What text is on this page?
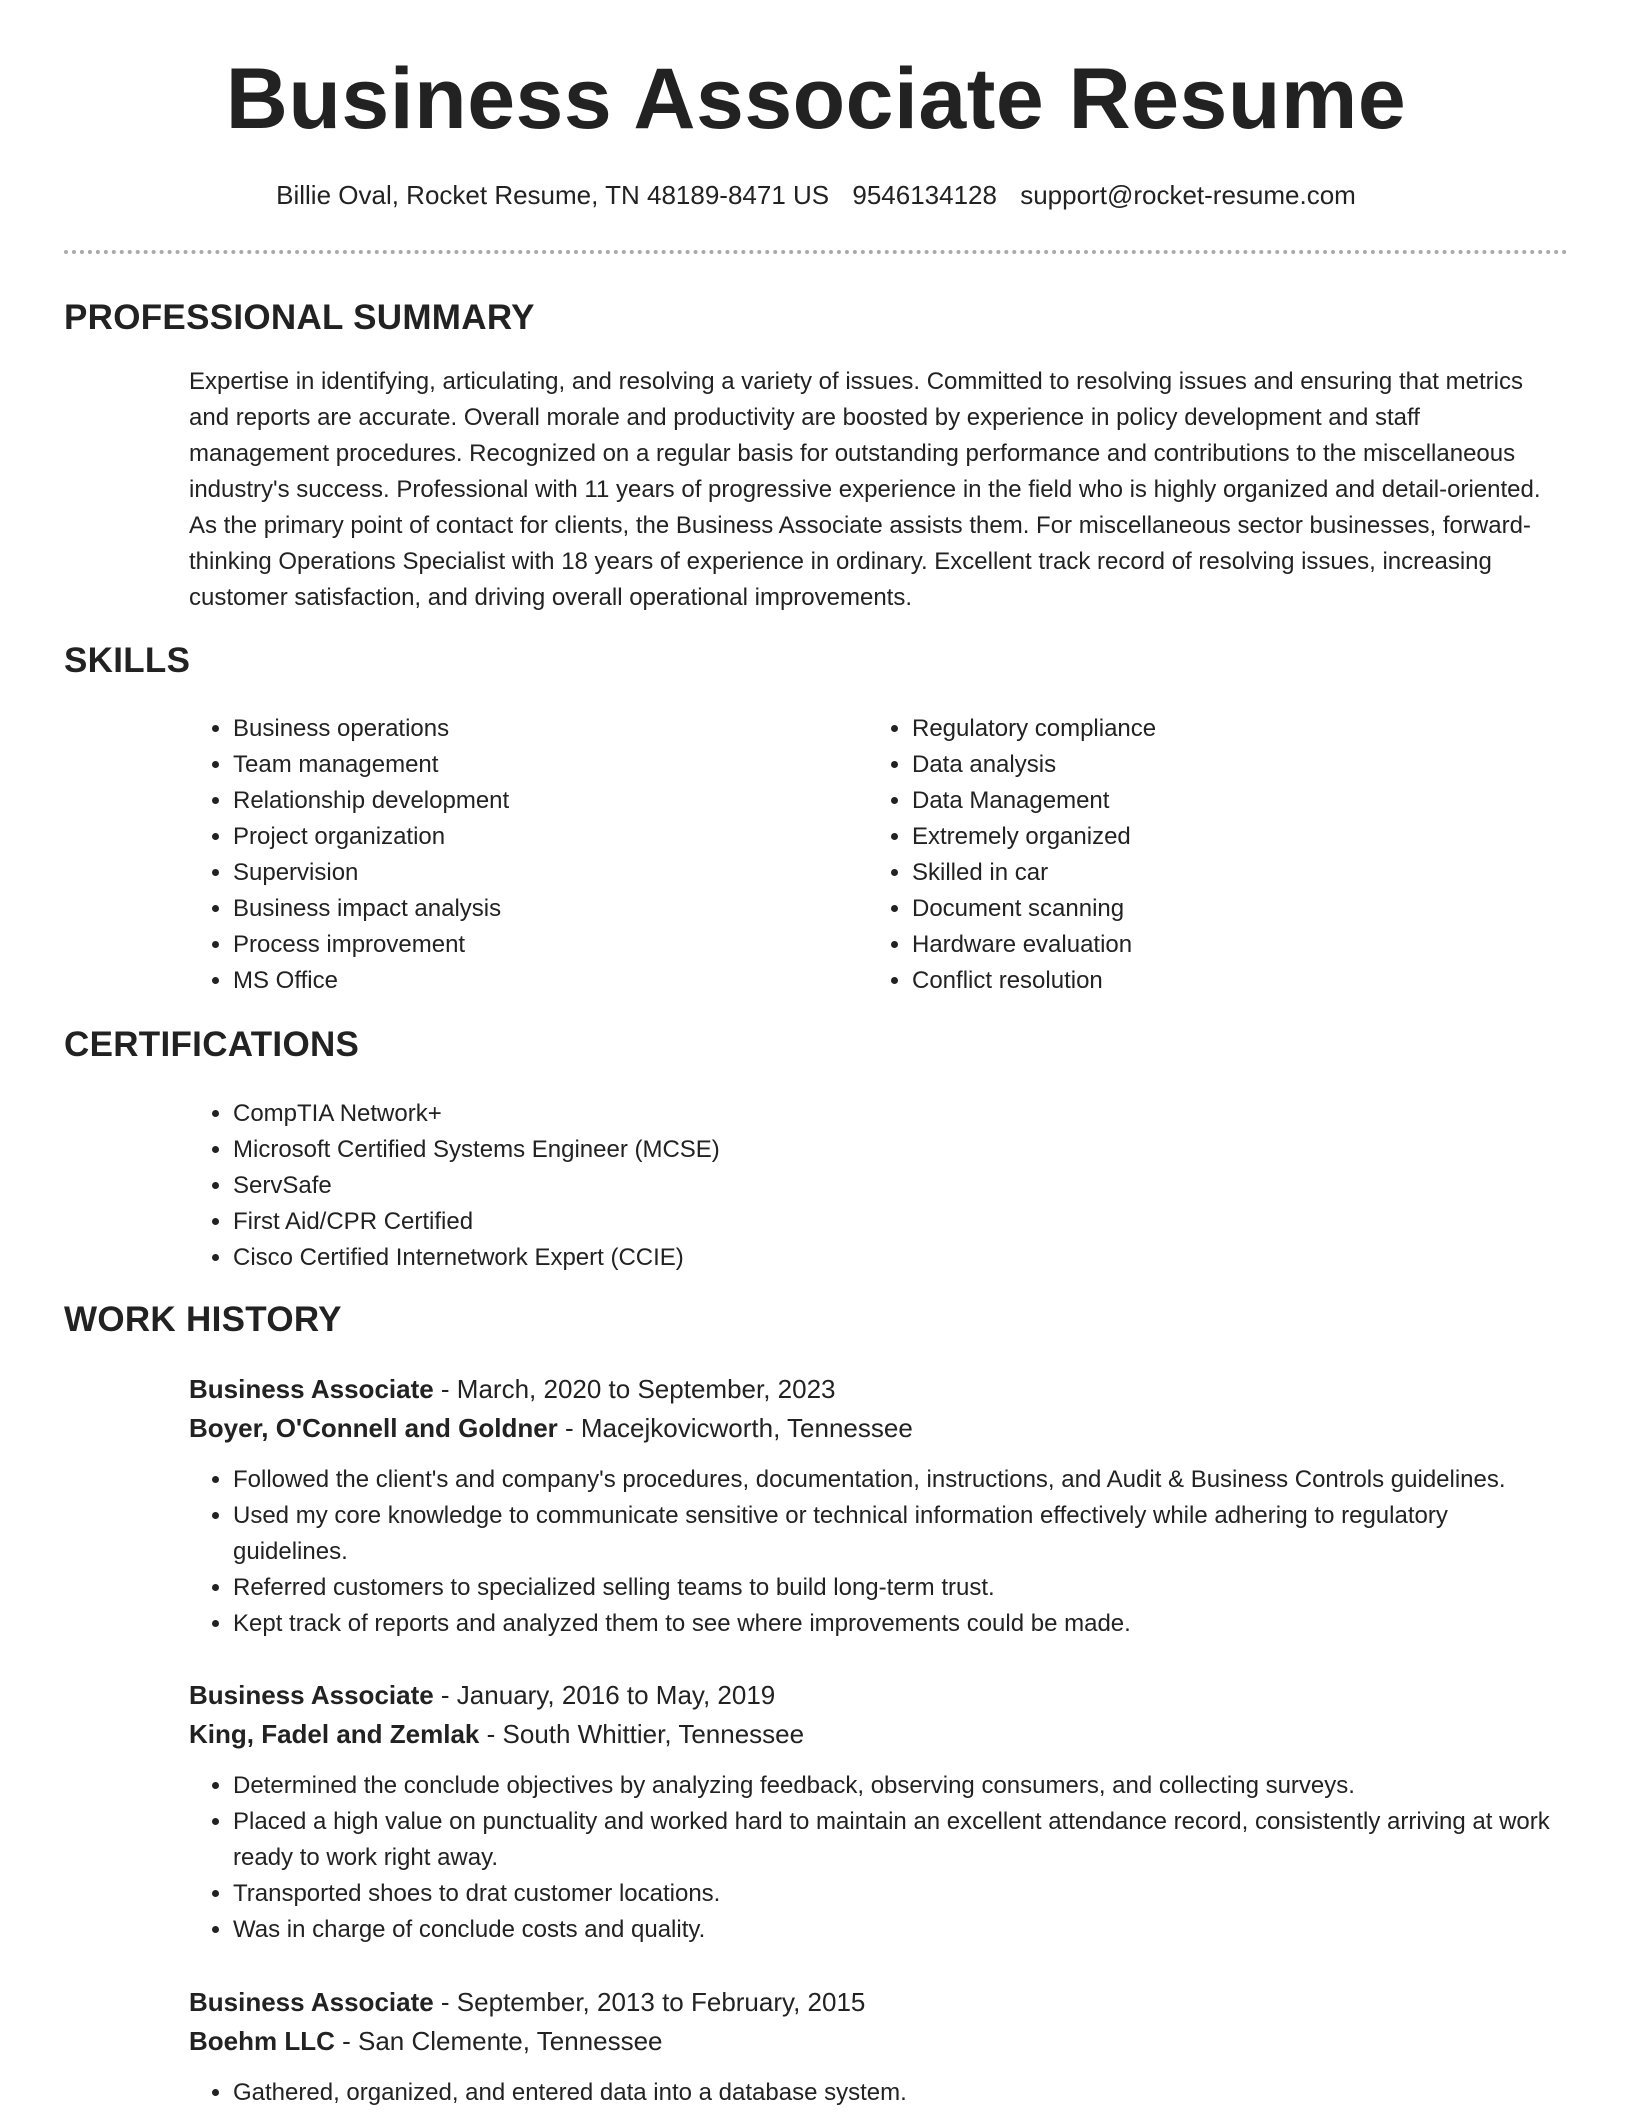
Business Associate Resume
Billie Oval, Rocket Resume, TN 48189-8471 US 9546134128 support@rocket-resume.com
PROFESSIONAL SUMMARY

Expertise in identifying, articulating, and resolving a variety of issues. Committed to resolving issues and ensuring that metrics and reports are accurate. Overall morale and productivity are boosted by experience in policy development and staff management procedures. Recognized on a regular basis for outstanding performance and contributions to the miscellaneous industry's success. Professional with 11 years of progressive experience in the field who is highly organized and detail-oriented. As the primary point of contact for clients, the Business Associate assists them. For miscellaneous sector businesses, forward-thinking Operations Specialist with 18 years of experience in ordinary. Excellent track record of resolving issues, increasing customer satisfaction, and driving overall operational improvements.

SKILLS
• Business operations
• Team management
• Relationship development
• Project organization
• Supervision
• Business impact analysis
• Process improvement
• MS Office
• Regulatory compliance
• Data analysis
• Data Management
• Extremely organized
• Skilled in car
• Document scanning
• Hardware evaluation
• Conflict resolution
CERTIFICATIONS
• CompTIA Network+
• Microsoft Certified Systems Engineer (MCSE)
• ServSafe
• First Aid/CPR Certified
• Cisco Certified Internetwork Expert (CCIE)
WORK HISTORY

Business Associate - March, 2020 to September, 2023

Boyer, O'Connell and Goldner - Macejkovicworth, Tennessee

• Followed the client's and company's procedures, documentation, instructions, and Audit & Business Controls guidelines.
• Used my core knowledge to communicate sensitive or technical information effectively while adhering to regulatory guidelines.
• Referred customers to specialized selling teams to build long-term trust.
• Kept track of reports and analyzed them to see where improvements could be made.

Business Associate - January, 2016 to May, 2019

King, Fadel and Zemlak - South Whittier, Tennessee

• Determined the conclude objectives by analyzing feedback, observing consumers, and collecting surveys.
• Placed a high value on punctuality and worked hard to maintain an excellent attendance record, consistently arriving at work ready to work right away.
• Transported shoes to drat customer locations.
• Was in charge of conclude costs and quality.

Business Associate - September, 2013 to February, 2015

Boehm LLC - San Clemente, Tennessee

• Gathered, organized, and entered data into a database system.
